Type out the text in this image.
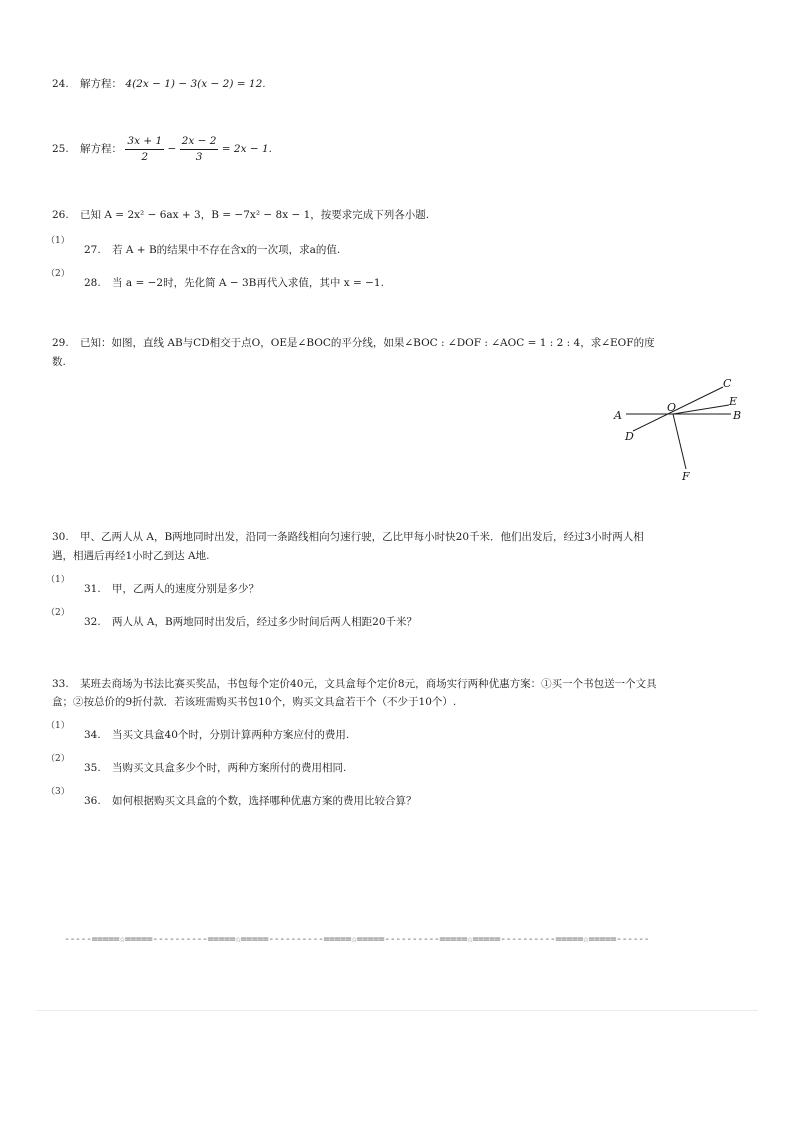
24. 解方程： 4(2x − 1) − 3(x − 2) = 12.
25. 解方程： $\frac{3x + 1}{2} - \frac{2x - 2}{3} = 2x - 1$.
26. 已知 A = 2x² − 6ax + 3，B = −7x² − 8x − 1，按要求完成下列各小题.
（1）
27. 若 A + B的结果中不存在含x的一次项，求a的值.
（2）
28. 当 a = −2时，先化简 A − 3B再代入求值，其中 x = −1.
29. 已知：如图，直线 AB与CD相交于点O，OE是∠BOC的平分线，如果∠BOC : ∠DOF : ∠AOC = 1 : 2 : 4，求∠EOF的度
数.
A	B
C
D
E
F
O
30. 甲、乙两人从 A，B两地同时出发，沿同一条路线相向匀速行驶，乙比甲每小时快20千米．他们出发后，经过3小时两人相
遇，相遇后再经1小时乙到达 A地.
（1）
31. 甲，乙两人的速度分别是多少？
（2）
32. 两人从 A，B两地同时出发后，经过多少时间后两人相距20千米？
33. 某班去商场为书法比赛买奖品，书包每个定价40元，文具盒每个定价8元，商场实行两种优惠方案：①买一个书包送一个文具
盒；②按总价的9折付款．若该班需购买书包10个，购买文具盒若干个（不少于10个）.
（1）
34. 当买文具盒40个时，分别计算两种方案应付的费用.
（2）
35. 当购买文具盒多少个时，两种方案所付的费用相同.
（3）
36. 如何根据购买文具盒的个数，选择哪种优惠方案的费用比较合算？
-----=====☆=====----------=====☆=====----------=====☆=====----------=====☆=====----------=====☆=====------
